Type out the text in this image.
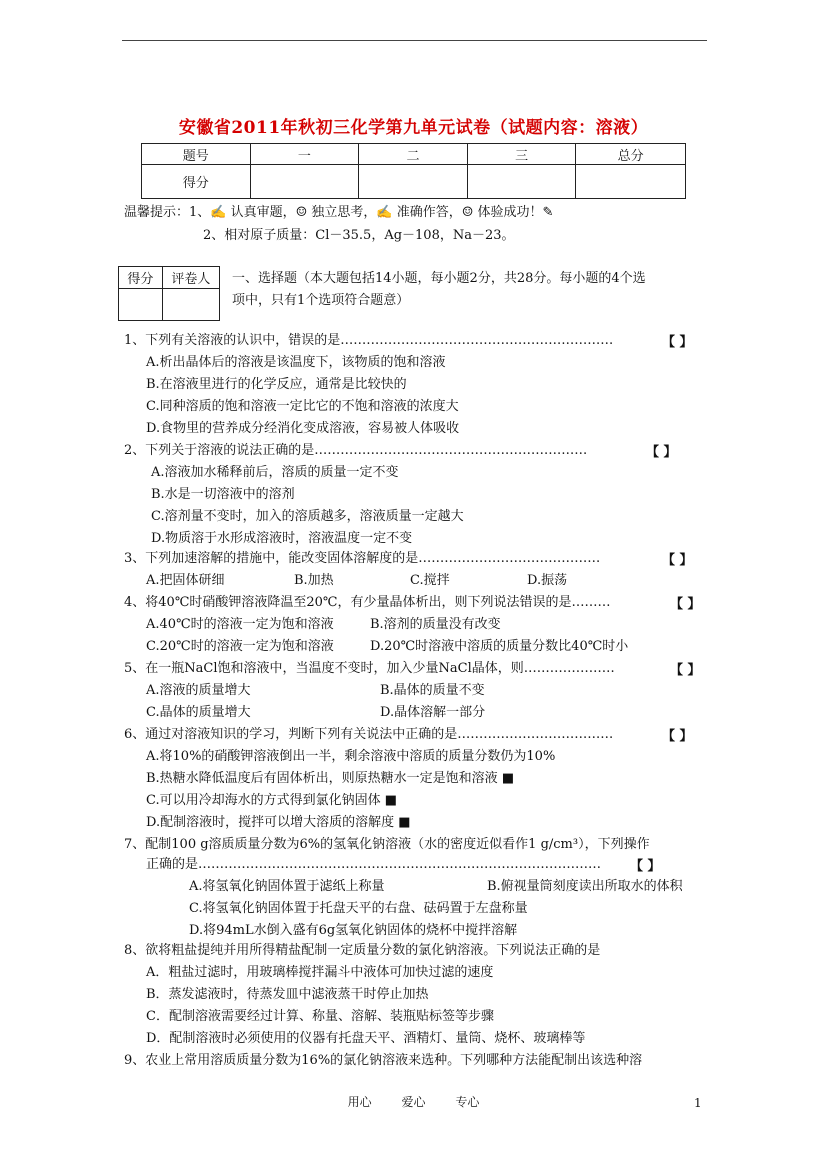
安徽省2011年秋初三化学第九单元试卷（试题内容：溶液）
题号	一	二	三	总分
得分				
温馨提示：1、✍ 认真审题，☺ 独立思考，✍ 准确作答，☺ 体验成功！✎
2、相对原子质量：Cl－35.5，Ag－108，Na－23。
得分	评卷人
	一、选择题（本大题包括14小题，每小题2分，共28分。每小题的4个选
项中，只有1个选项符合题意）
1、下列有关溶液的认识中，错误的是………………………………………………………	【 】
A.析出晶体后的溶液是该温度下，该物质的饱和溶液
B.在溶液里进行的化学反应，通常是比较快的
C.同种溶质的饱和溶液一定比它的不饱和溶液的浓度大
D.食物里的营养成分经消化变成溶液，容易被人体吸收
2、下列关于溶液的说法正确的是………………………………………………………	【 】
A.溶液加水稀释前后，溶质的质量一定不变
B.水是一切溶液中的溶剂
C.溶剂量不变时，加入的溶质越多，溶液质量一定越大
D.物质溶于水形成溶液时，溶液温度一定不变
3、下列加速溶解的措施中，能改变固体溶解度的是……………………………………	【 】
A.把固体研细	B.加热	C.搅拌	D.振荡
4、将40℃时硝酸钾溶液降温至20℃，有少量晶体析出，则下列说法错误的是………	【 】
A.40℃时的溶液一定为饱和溶液	B.溶剂的质量没有改变
C.20℃时的溶液一定为饱和溶液	D.20℃时溶液中溶质的质量分数比40℃时小
5、在一瓶NaCl饱和溶液中，当温度不变时，加入少量NaCl晶体，则…………………	【 】
A.溶液的质量增大	B.晶体的质量不变
C.晶体的质量增大	D.晶体溶解一部分
6、通过对溶液知识的学习，判断下列有关说法中正确的是………………………………	【 】
A.将10%的硝酸钾溶液倒出一半，剩余溶液中溶质的质量分数仍为10%
B.热糖水降低温度后有固体析出，则原热糖水一定是饱和溶液 ■
C.可以用冷却海水的方式得到氯化钠固体 ■
D.配制溶液时，搅拌可以增大溶质的溶解度 ■
7、配制100 g溶质质量分数为6%的氢氧化钠溶液（水的密度近似看作1 g/cm³），下列操作
正确的是………………………………………………………………………………… 【 】
A.将氢氧化钠固体置于滤纸上称量	B.俯视量筒刻度读出所取水的体积
C.将氢氧化钠固体置于托盘天平的右盘、砝码置于左盘称量
D.将94mL水倒入盛有6g氢氧化钠固体的烧杯中搅拌溶解
8、欲将粗盐提纯并用所得精盐配制一定质量分数的氯化钠溶液。下列说法正确的是
A．粗盐过滤时，用玻璃棒搅拌漏斗中液体可加快过滤的速度
B．蒸发滤液时，待蒸发皿中滤液蒸干时停止加热
C．配制溶液需要经过计算、称量、溶解、装瓶贴标签等步骤
D．配制溶液时必须使用的仪器有托盘天平、酒精灯、量筒、烧杯、玻璃棒等
9、农业上常用溶质质量分数为16%的氯化钠溶液来选种。下列哪种方法能配制出该选种溶
用心 爱心 专心	1
